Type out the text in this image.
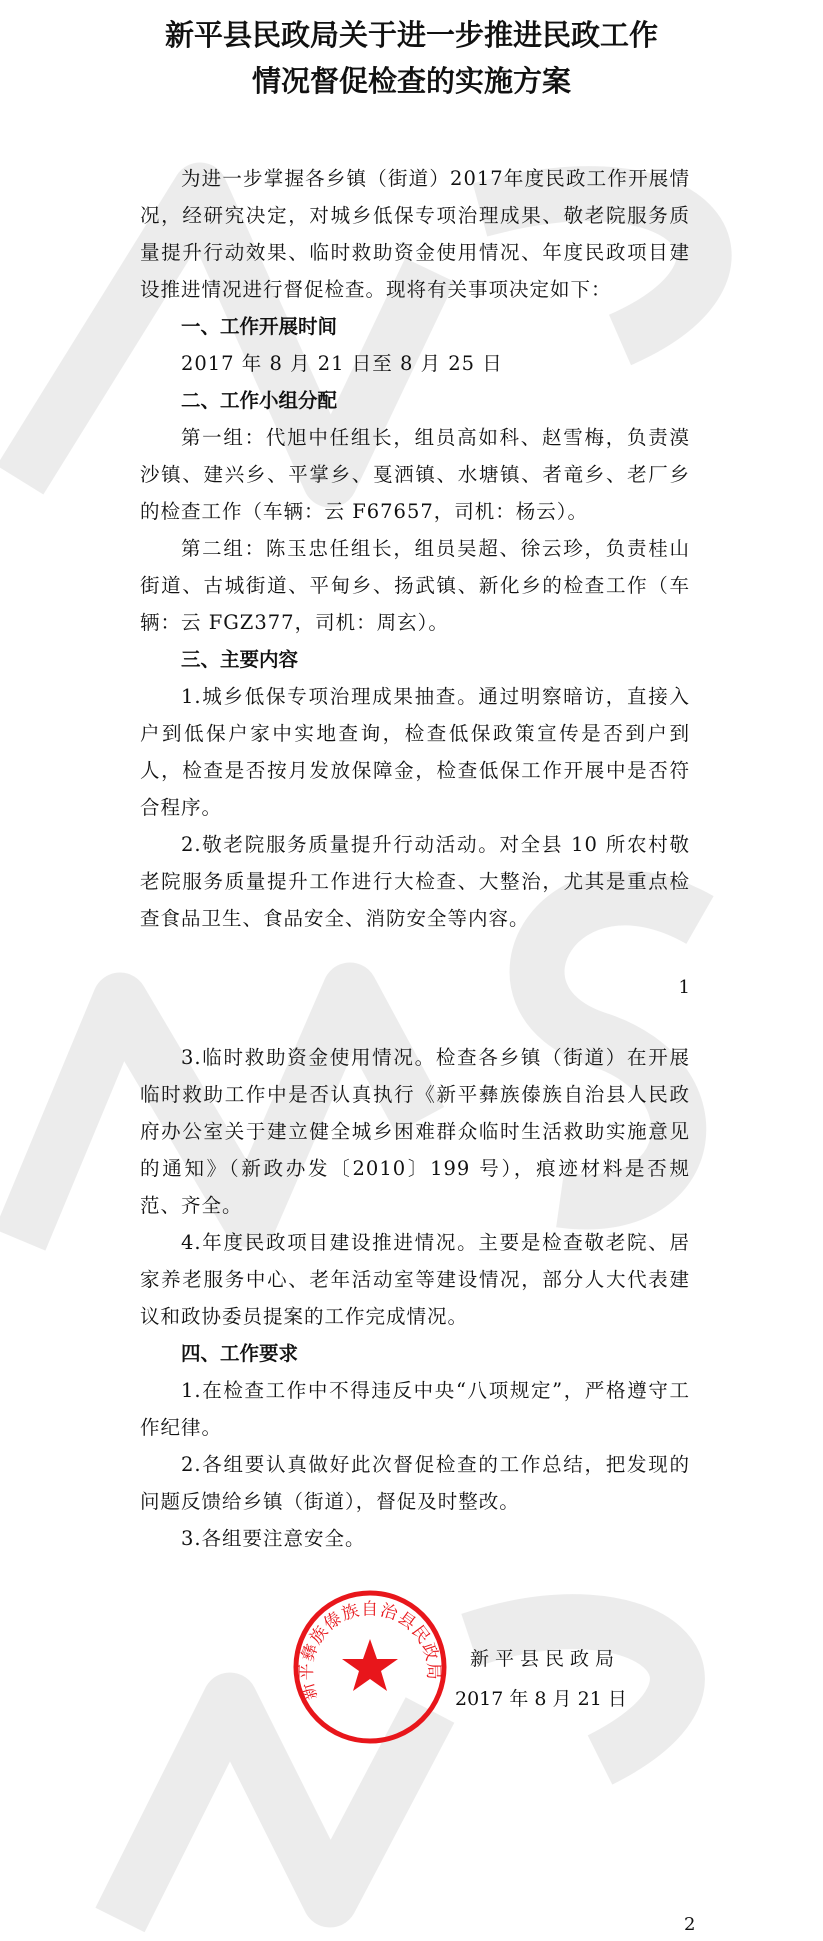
新平县民政局关于进一步推进民政工作
情况督促检查的实施方案

为进一步掌握各乡镇（街道）2017年度民政工作开展情况，经研究决定，对城乡低保专项治理成果、敬老院服务质量提升行动效果、临时救助资金使用情况、年度民政项目建设推进情况进行督促检查。现将有关事项决定如下：

一、工作开展时间

2017 年 8 月 21 日至 8 月 25 日

二、工作小组分配

第一组：代旭中任组长，组员高如科、赵雪梅，负责漠沙镇、建兴乡、平掌乡、戛洒镇、水塘镇、者竜乡、老厂乡的检查工作（车辆：云 F67657，司机：杨云）。

第二组：陈玉忠任组长，组员吴超、徐云珍，负责桂山街道、古城街道、平甸乡、扬武镇、新化乡的检查工作（车辆：云 FGZ377，司机：周玄）。

三、主要内容

1.城乡低保专项治理成果抽查。通过明察暗访，直接入户到低保户家中实地查询，检查低保政策宣传是否到户到人，检查是否按月发放保障金，检查低保工作开展中是否符合程序。

2.敬老院服务质量提升行动活动。对全县 10 所农村敬老院服务质量提升工作进行大检查、大整治，尤其是重点检查食品卫生、食品安全、消防安全等内容。

1

3.临时救助资金使用情况。检查各乡镇（街道）在开展临时救助工作中是否认真执行《新平彝族傣族自治县人民政府办公室关于建立健全城乡困难群众临时生活救助实施意见的通知》（新政办发〔2010〕199 号），痕迹材料是否规范、齐全。

4.年度民政项目建设推进情况。主要是检查敬老院、居家养老服务中心、老年活动室等建设情况，部分人大代表建议和政协委员提案的工作完成情况。

四、工作要求

1.在检查工作中不得违反中央“八项规定”，严格遵守工作纪律。

2.各组要认真做好此次督促检查的工作总结，把发现的问题反馈给乡镇（街道），督促及时整改。

3.各组要注意安全。

新平彝族傣族自治县民政局
新平县民政局
2017 年 8 月 21 日
2
